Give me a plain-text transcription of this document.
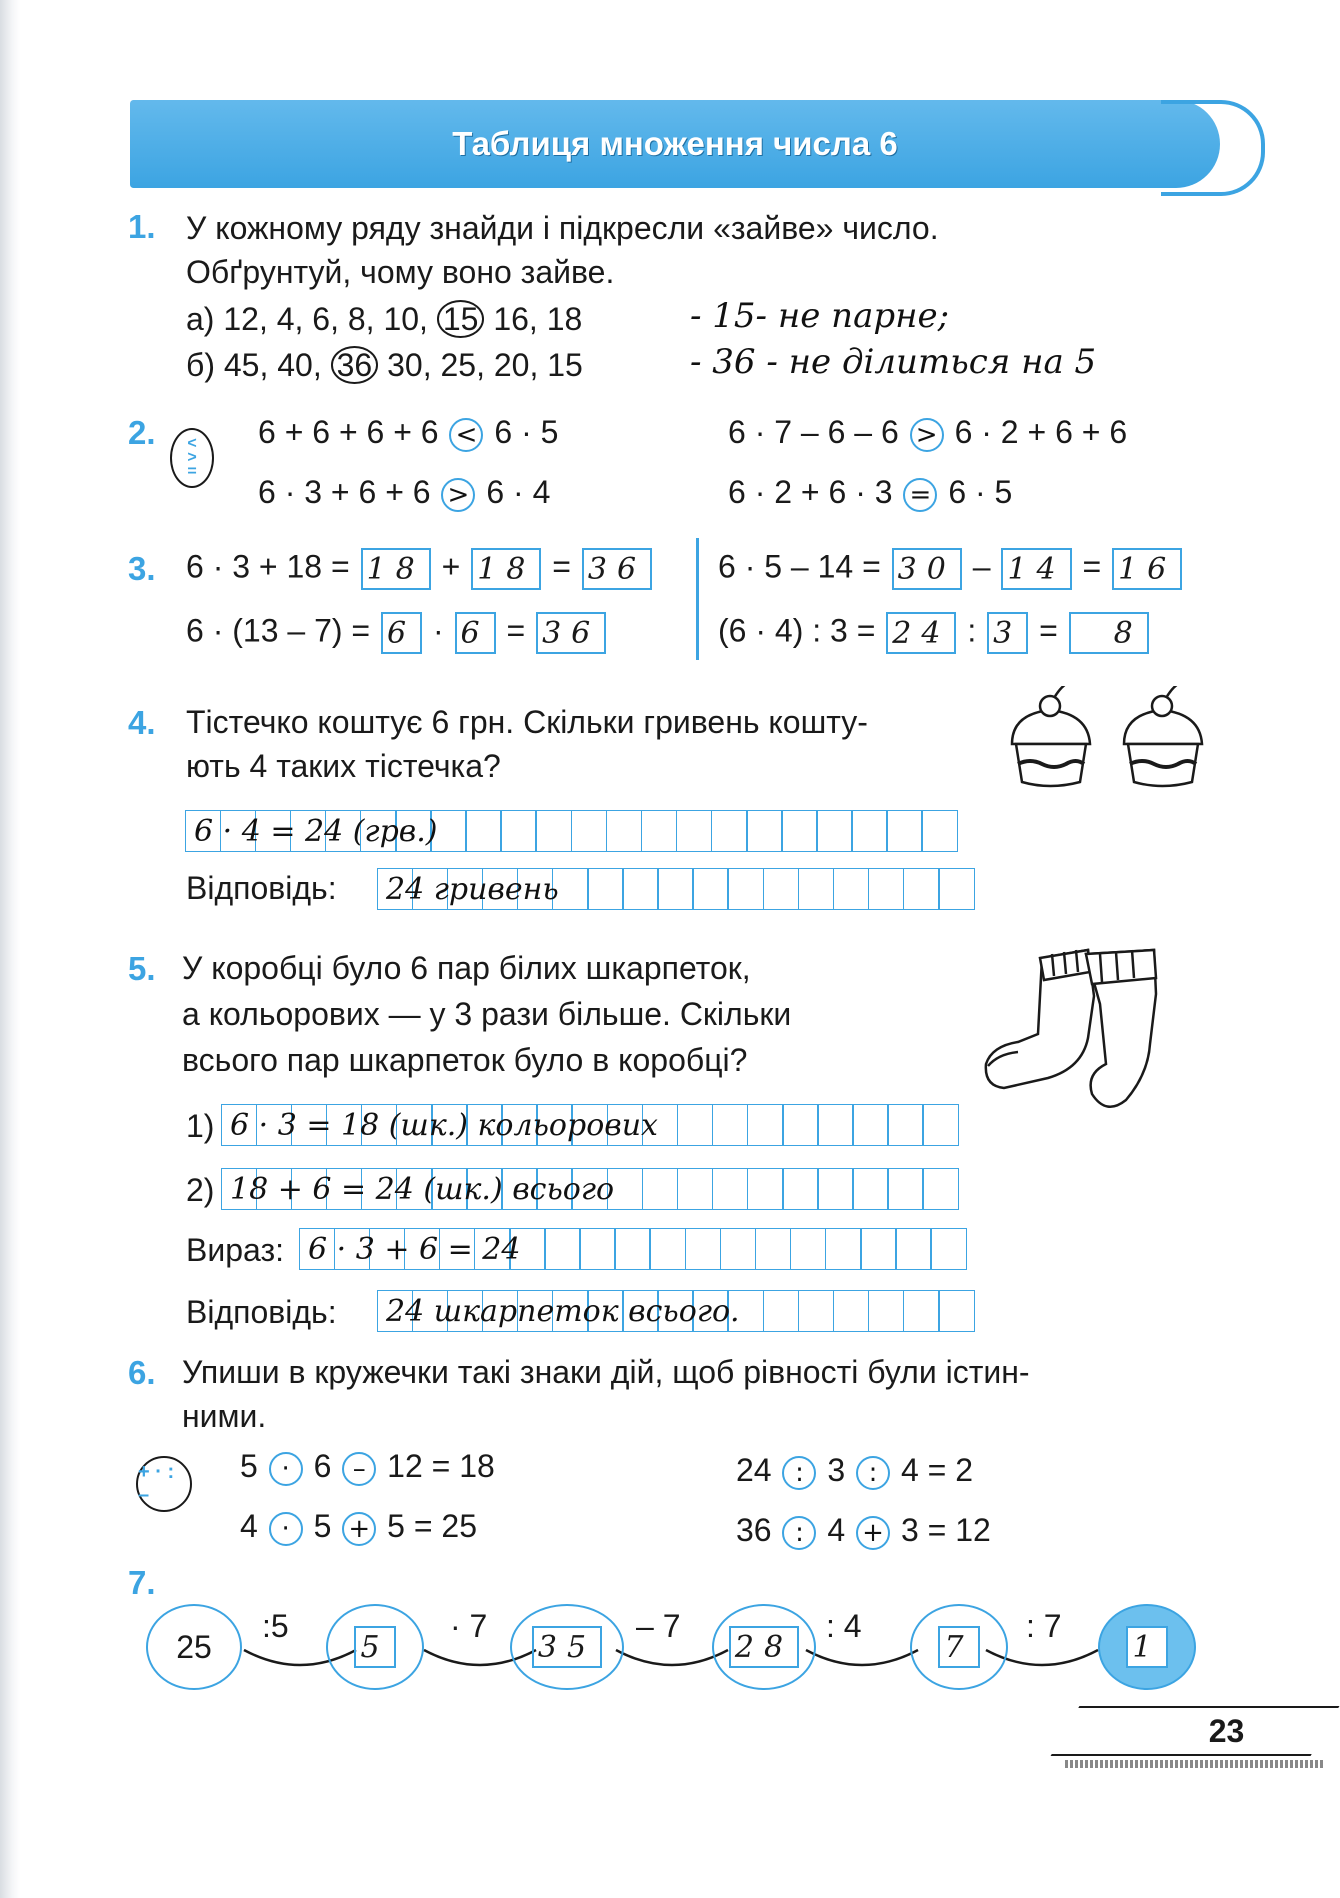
Таблиця множення числа 6
1. У кожному ряду знайди і підкресли «зайве» число.
Обґрунтуй, чому воно зайве.
а) 12, 4, 6, 8, 10, 15 16, 18	- 15- не парне;
б) 45, 40, 36 30, 25, 20, 15	- 36 - не ділиться на 5
2. <
>
=
6 + 6 + 6 + 6 < 6 · 5
6 · 3 + 6 + 6 > 6 · 4
6 · 7 – 6 – 6 > 6 · 2 + 6 + 6
6 · 2 + 6 · 3 = 6 · 5
3. 6 · 3 + 18 = 18 + 18 = 36
6 · (13 – 7) = 6 · 6 = 36
6 · 5 – 14 = 30 – 14 = 16
(6 · 4) : 3 = 24 : 3 = 8
4. Тістечко коштує 6 грн. Скільки гривень кошту-
ють 4 таких тістечка?
6 · 4 = 24 (грв.)
Відповідь: 24 гривень
5. У коробці було 6 пар білих шкарпеток,
а кольорових — у 3 рази більше. Скільки
всього пар шкарпеток було в коробці?
1) 6 · 3 = 18 (шк.) кольорових
2) 18 + 6 = 24 (шк.) всього
Вираз: 6 · 3 + 6 = 24
Відповідь: 24 шкарпеток всього.
6. Упиши в кружечки такі знаки дій, щоб рівності були істин-
ними.
+ · : –
5 · 6 – 12 = 18
4 · 5 + 5 = 25
24 : 3 : 4 = 2
36 : 4 + 3 = 12
7.
25
:5
5
· 7
35
– 7
28
: 4
7
: 7
1
23
